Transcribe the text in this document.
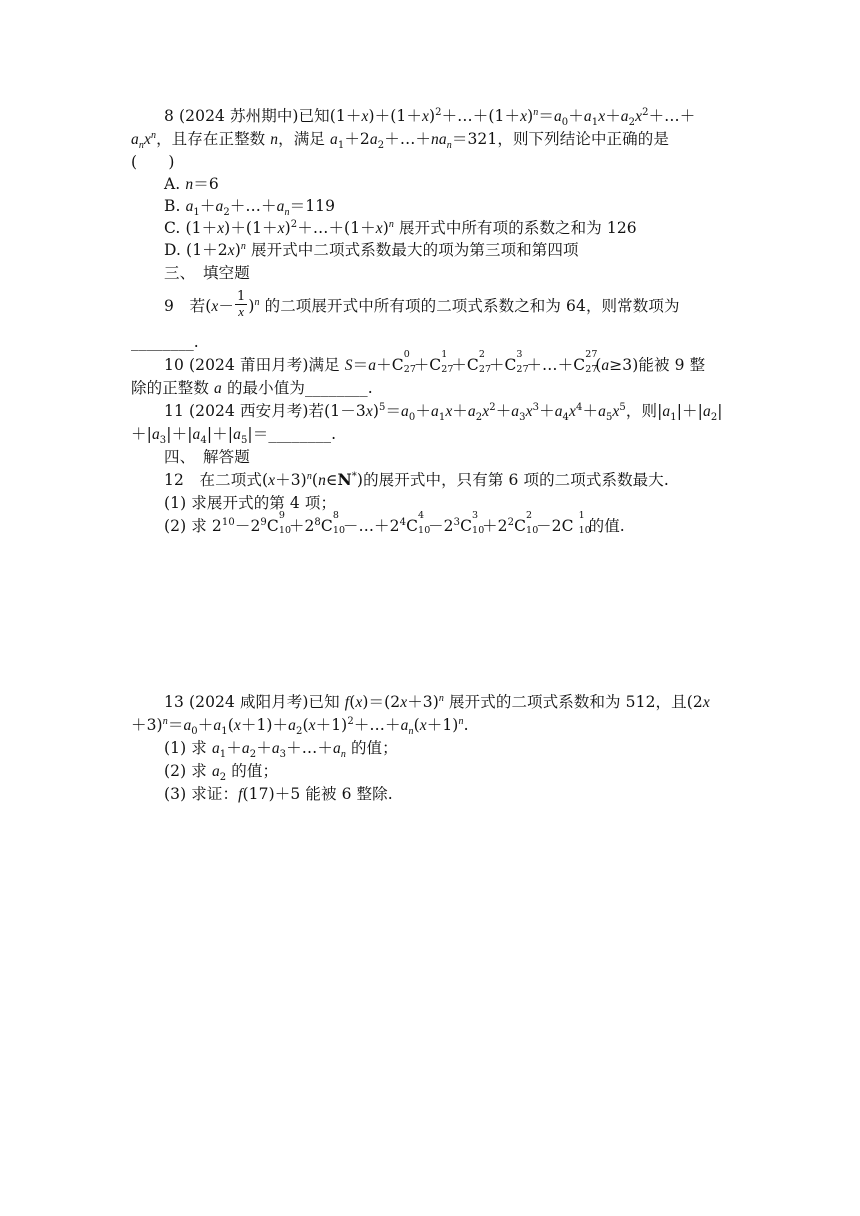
8 (2024 苏州期中)已知$(1+x)+(1+x)^2+\dots+(1+x)^n=a_0+a_1x+a_2x^2+\dots+$
$a_nx^n$，且存在正整数 n，满足 $a_1+2a_2+\dots+na_n=321$，则下列结论中正确的是
(　　)
A. n＝6
B. $a_1+a_2+\dots+a_n=119$
C. $(1+x)+(1+x)^2+\dots+(1+x)^n$ 展开式中所有项的系数之和为 126
D. $(1+2x)^n$ 展开式中二项式系数最大的项为第三项和第四项
三、　填空题
9　 若$(x- \frac{1}{x} )^n$ 的二项展开式中所有项的二项式系数之和为 64，则常数项为
________.
10 (2024 莆田月考)满足 S＝a＋C
0
27
＋C
1
27
＋C
2
27
＋C
3
27
＋…＋C
27
27
(a≥3)能被 9 整
除的正整数 a 的最小值为________.
11 (2024 西安月考)若$(1-3x)^5=a_0+a_1x+a_2x^2+a_3x^3+a_4x^4+a_5x^5$，则$|a_1|+|a_2|$
$+|a_3|+|a_4|+|a_5|=\_\_\_\_\_\_\_\_$.
四、　解答题
12　 在二项式$(x+3)^n(n\in N^*)$的展开式中，只有第 6 项的二项式系数最大.
(1) 求展开式的第 4 项；
(2) 求 $2^{10}-2^9C$
9
10
$+2^8C$
8
10
$-\dots+2^4C$
4
10
$-2^3C$
3
10
$+2^2C$
2
10
－2C
1
10
的值.
13 (2024 咸阳月考)已知 $f(x)=(2x+3)^n$ 展开式的二项式系数和为 512，且(2x
$+3)^n=a_0+a_1(x+1)+a_2(x+1)^2+\dots+a_n(x+1)^n$.
(1) 求 $a_1+a_2+a_3+\dots+a_n$ 的值；
(2) 求 $a_2$ 的值；
(3) 求证：f(17)＋5 能被 6 整除.
